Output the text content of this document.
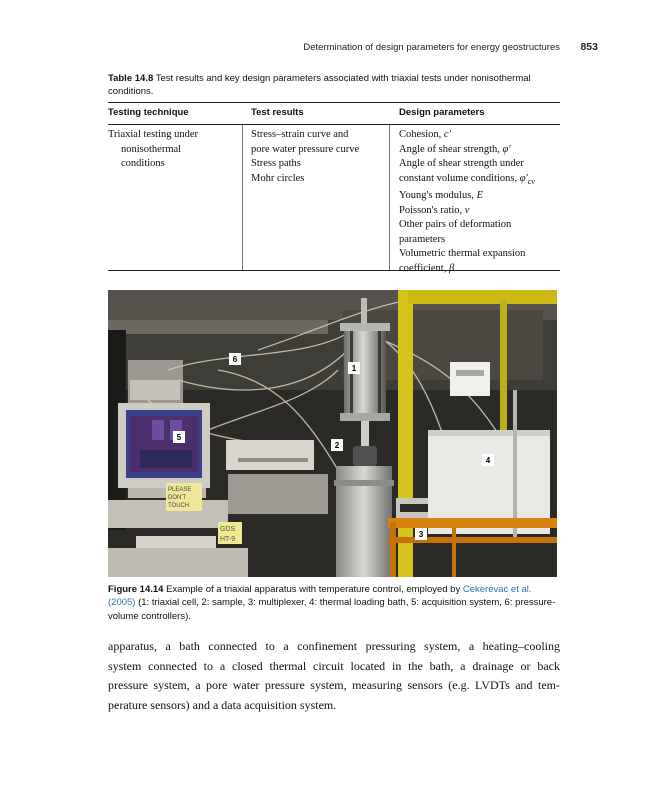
Determination of design parameters for energy geostructures 853
Table 14.8 Test results and key design parameters associated with triaxial tests under nonisothermal conditions.
Testing technique	Test results	Design parameters
Triaxial testing under
nonisothermal
conditions
Stress–strain curve and
pore water pressure curve
Stress paths
Mohr circles
Cohesion, c′
Angle of shear strength, φ′
Angle of shear strength under
constant volume conditions, $\varphi'_{cv}$
Young's modulus, E
Poisson's ratio, ν
Other pairs of deformation
parameters
Volumetric thermal expansion
coefficient, β
PLEASE
DON'T
TOUCH
GDS
HT-9
1
2
3
4
5
6
Figure 14.14 Example of a triaxial apparatus with temperature control, employed by Cekerevac et al. (2005) (1: triaxial cell, 2: sample, 3: multiplexer, 4: thermal loading bath, 5: acquisition system, 6: pressure-volume controllers).
apparatus, a bath connected to a confinement pressuring system, a heating–cooling
system connected to a closed thermal circuit located in the bath, a drainage or back
pressure system, a pore water pressure system, measuring sensors (e.g. LVDTs and tem-
perature sensors) and a data acquisition system.
